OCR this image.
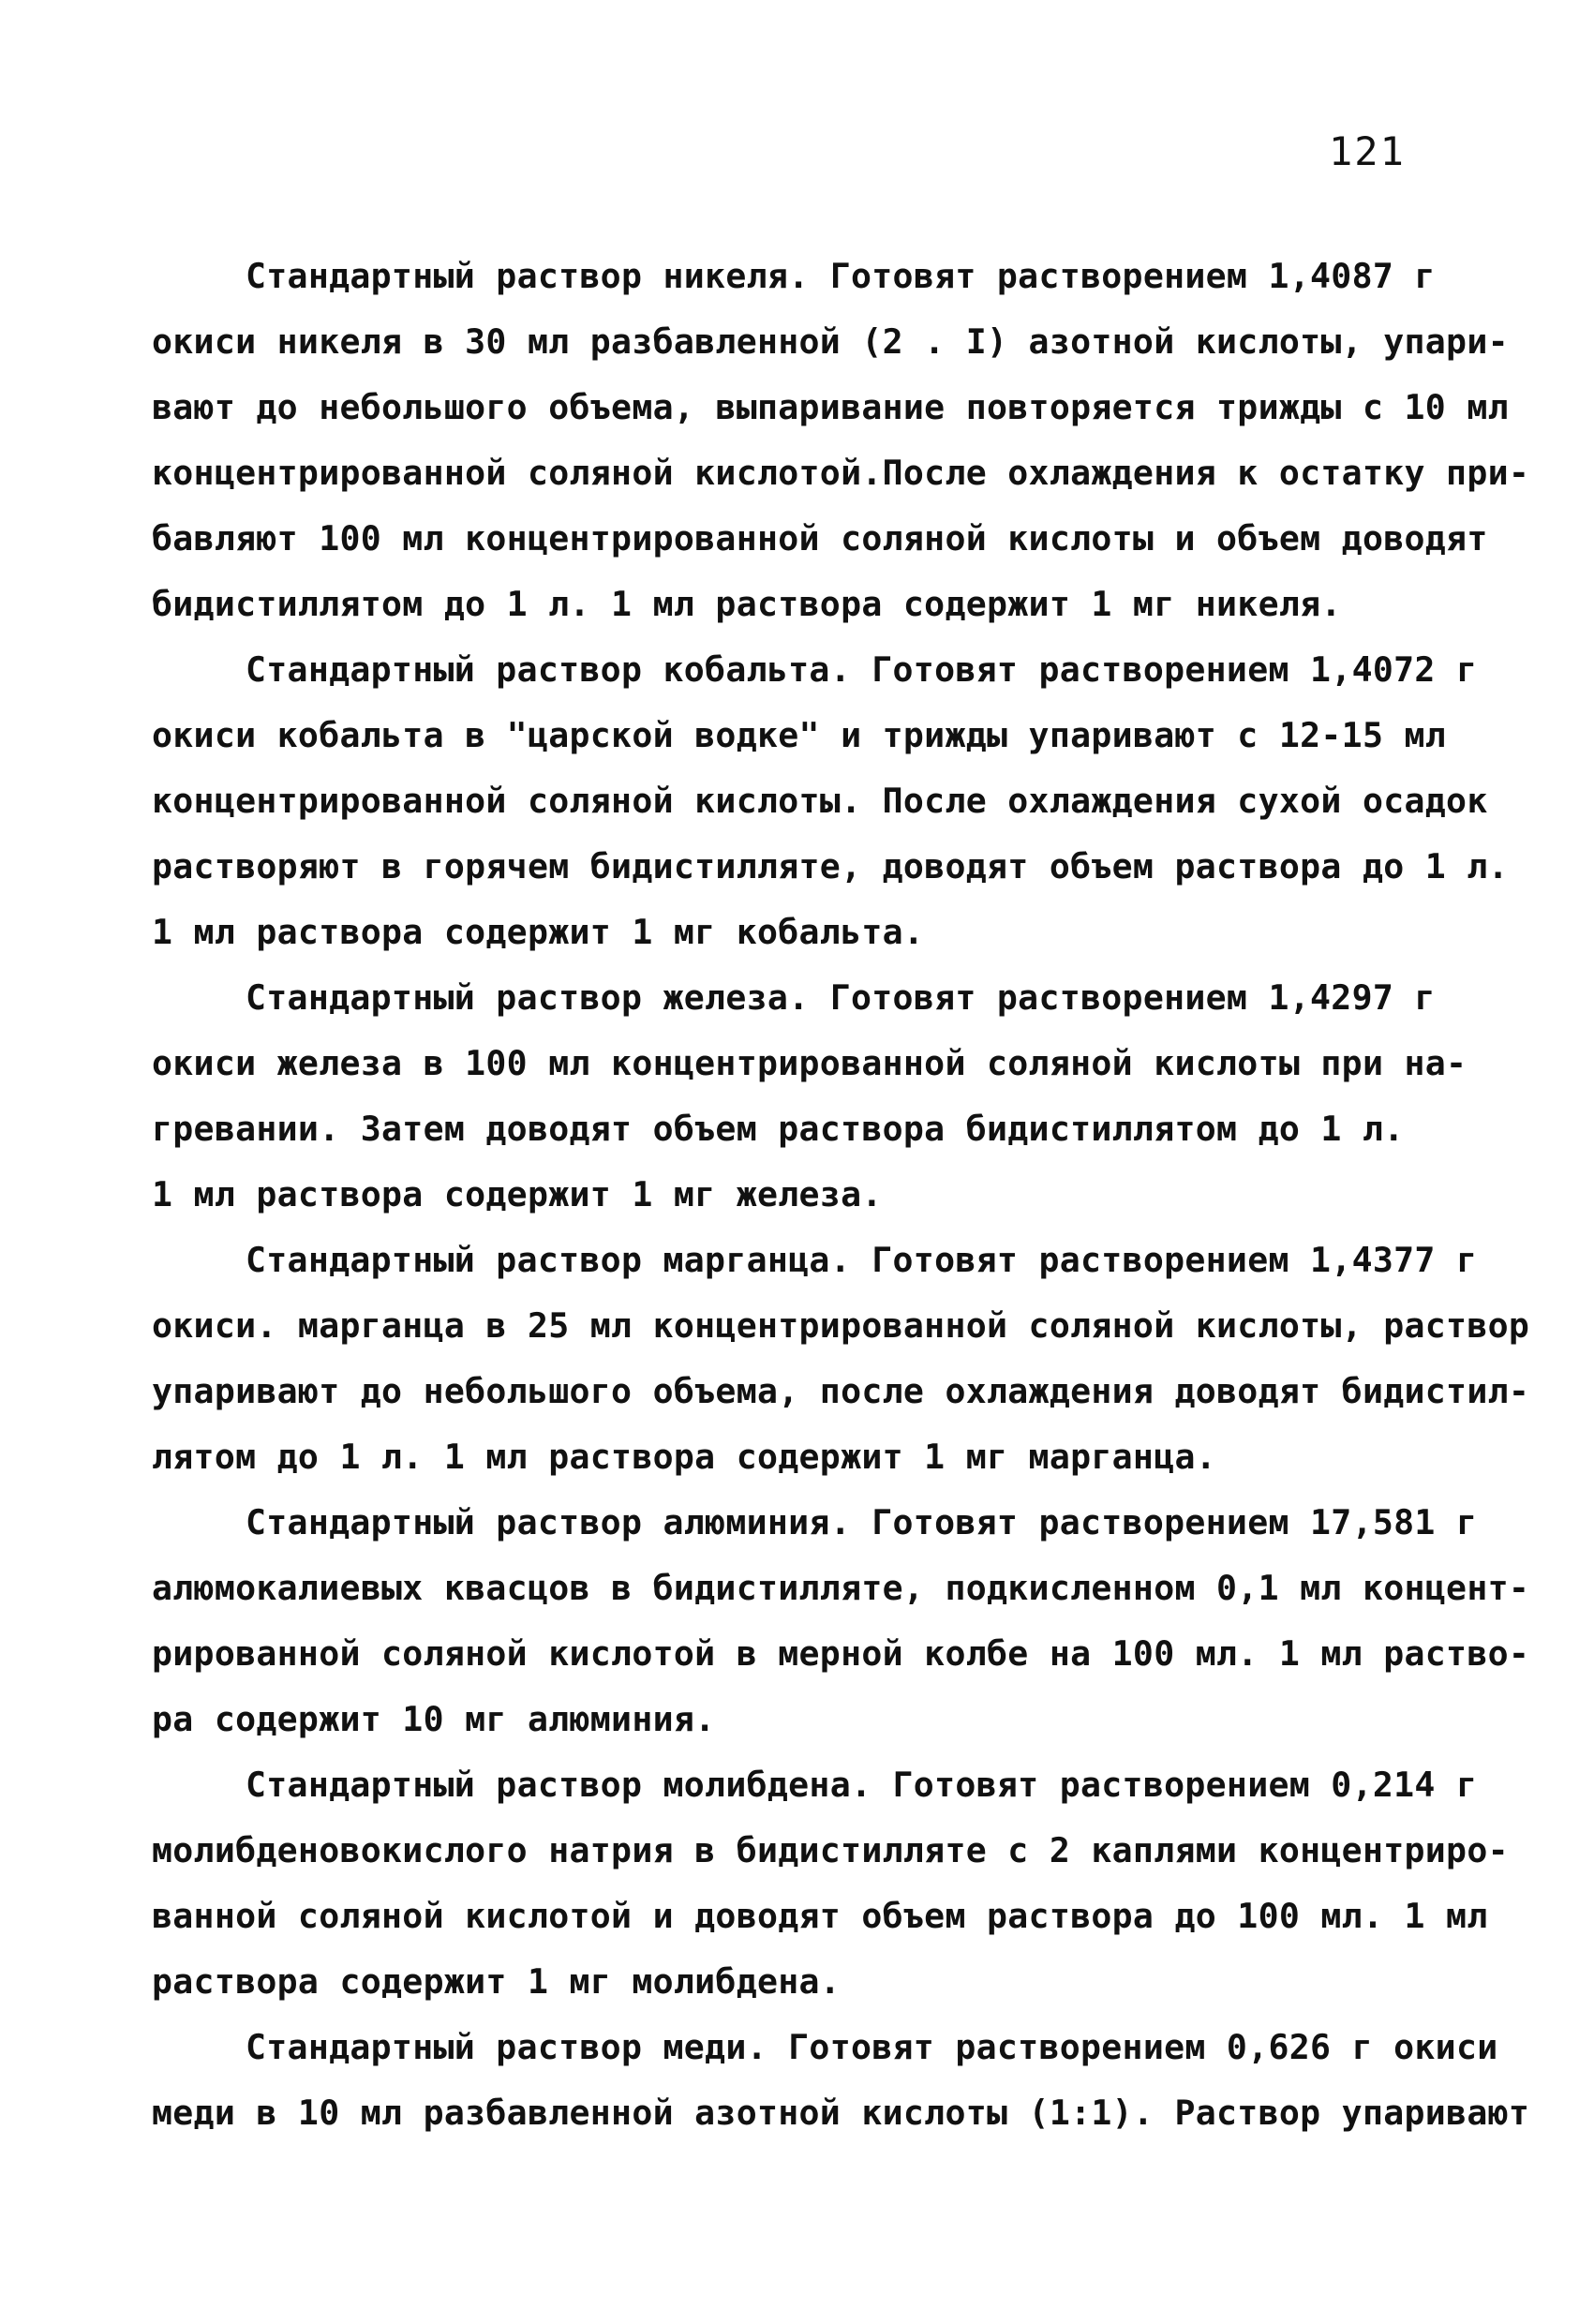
121

Стандартный раствор никеля. Готовят растворением 1,4087 г
окиси никеля в 30 мл разбавленной (2 . I) азотной кислоты, упари-
вают до небольшого объема, выпаривание повторяется трижды с 10 мл
концентрированной соляной кислотой.После охлаждения к остатку при-
бавляют 100 мл концентрированной соляной кислоты и объем доводят
бидистиллятом до 1 л. 1 мл раствора содержит 1 мг никеля.

Стандартный раствор кобальта. Готовят растворением 1,4072 г
окиси кобальта в "царской водке" и трижды упаривают с 12-15 мл
концентрированной соляной кислоты. После охлаждения сухой осадок
растворяют в горячем бидистилляте, доводят объем раствора до 1 л.
1 мл раствора содержит 1 мг кобальта.

Стандартный раствор железа. Готовят растворением 1,4297 г
окиси железа в 100 мл концентрированной соляной кислоты при на-
гревании. Затем доводят объем раствора бидистиллятом до 1 л.
1 мл раствора содержит 1 мг железа.

Стандартный раствор марганца. Готовят растворением 1,4377 г
окиси. марганца в 25 мл концентрированной соляной кислоты, раствор
упаривают до небольшого объема, после охлаждения доводят бидистил-
лятом до 1 л. 1 мл раствора содержит 1 мг марганца.

Стандартный раствор алюминия. Готовят растворением 17,581 г
алюмокалиевых квасцов в бидистилляте, подкисленном 0,1 мл концент-
рированной соляной кислотой в мерной колбе на 100 мл. 1 мл раство-
ра содержит 10 мг алюминия.

Стандартный раствор молибдена. Готовят растворением 0,214 г
молибденовокислого натрия в бидистилляте с 2 каплями концентриро-
ванной соляной кислотой и доводят объем раствора до 100 мл. 1 мл
раствора содержит 1 мг молибдена.

Стандартный раствор меди. Готовят растворением 0,626 г окиси
меди в 10 мл разбавленной азотной кислоты (1:1). Раствор упаривают
